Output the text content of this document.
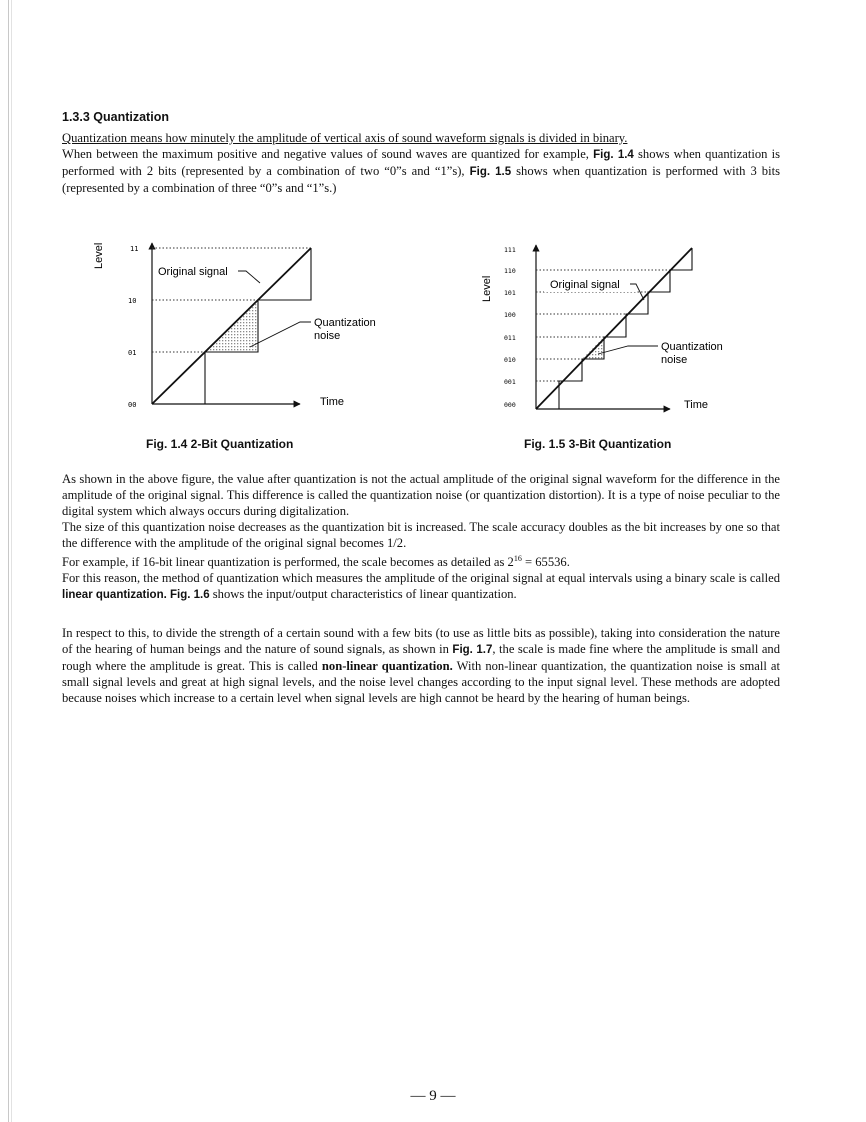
1.3.3 Quantization

Quantization means how minutely the amplitude of vertical axis of sound waveform signals is divided in binary.
When between the maximum positive and negative values of sound waves are quantized for example, Fig. 1.4 shows when quantization is performed with 2 bits (represented by a combination of two “0”s and “1”s), Fig. 1.5 shows when quantization is performed with 3 bits (represented by a combination of three “0”s and “1”s.)

Level	11
10
01
00
Original signal
Quantization
noise
Time

Fig. 1.4 2-Bit Quantization

Level
111
110
101
100
011
010
001
000
Original signal
Quantization
noise
Time

Fig. 1.5 3-Bit Quantization

As shown in the above figure, the value after quantization is not the actual amplitude of the original signal waveform for the difference in the amplitude of the original signal. This difference is called the quantization noise (or quantization distortion). It is a type of noise peculiar to the digital system which always occurs during digitalization.
The size of this quantization noise decreases as the quantization bit is increased. The scale accuracy doubles as the bit increases by one so that the difference with the amplitude of the original signal becomes 1/2.
For example, if 16-bit linear quantization is performed, the scale becomes as detailed as $2^{16} = 65536$.
For this reason, the method of quantization which measures the amplitude of the original signal at equal intervals using a binary scale is called linear quantization. Fig. 1.6 shows the input/output characteristics of linear quantization.

In respect to this, to divide the strength of a certain sound with a few bits (to use as little bits as possible), taking into consideration the nature of the hearing of human beings and the nature of sound signals, as shown in Fig. 1.7, the scale is made fine where the amplitude is small and rough where the amplitude is great. This is called non-linear quantization. With non-linear quantization, the quantization noise is small at small signal levels and great at high signal levels, and the noise level changes according to the input signal level. These methods are adopted because noises which increase to a certain level when signal levels are high cannot be heard by the hearing of human beings.

— 9 —
